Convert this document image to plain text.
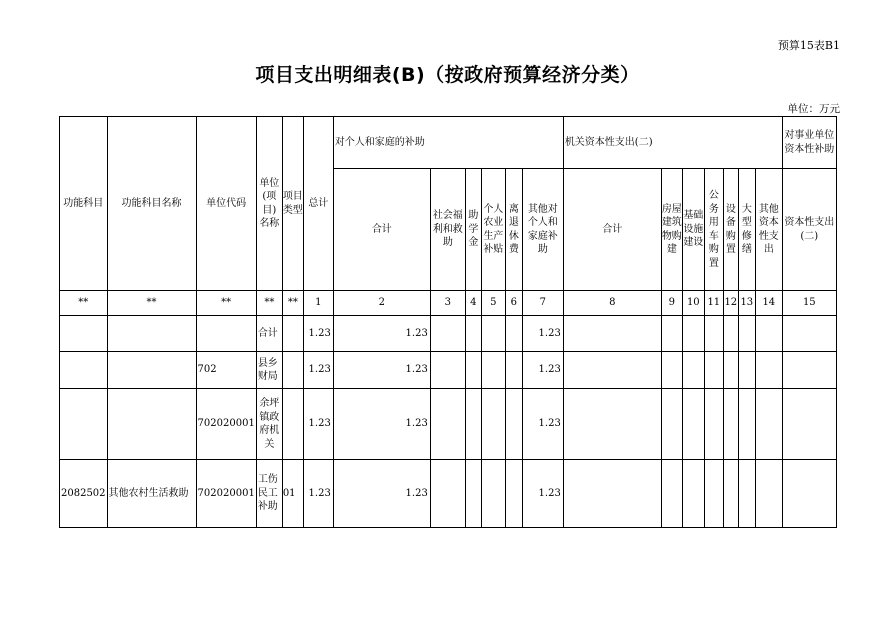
预算15表B1
项目支出明细表(B)（按政府预算经济分类）
单位：万元
功能科目	功能科目名称	单位代码	单位(项目)名称	项目类型	总计	对个人和家庭的补助						机关资本性支出(二)							对事业单位资本性补助
						合计	社会福利和救助	助学金	个人农业生产补贴	离退休费	其他对个人和家庭补助	合计	房屋建筑物购建	基础设施建设	公务用车购置	设备购置	大型修缮	其他资本性支出	资本性支出(二)
**	**	**	**	**	1	2	3	4	5	6	7	8	9	10	11	12	13	14	15
			合计		1.23	1.23					1.23								
		702	县乡财局		1.23	1.23					1.23								
		702020001	余坪镇政府机关		1.23	1.23					1.23								
2082502	其他农村生活救助	702020001	工伤民工补助	01	1.23	1.23					1.23								
